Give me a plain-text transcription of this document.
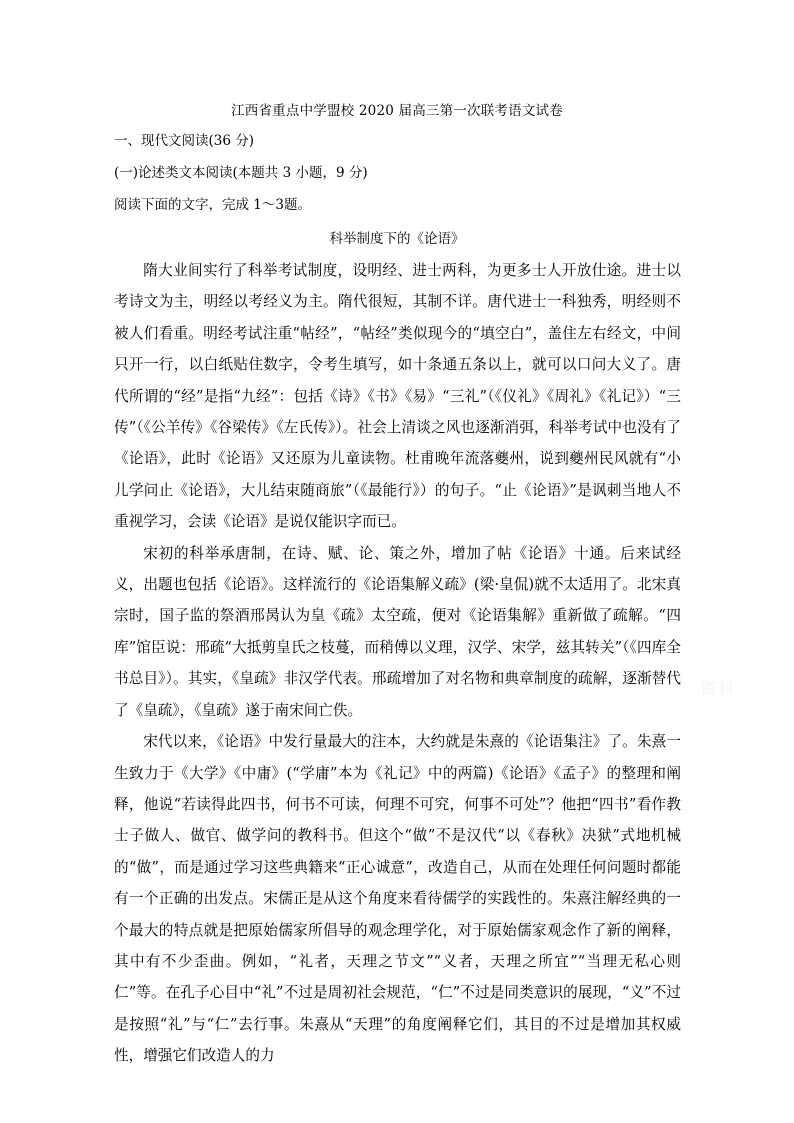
江西省重点中学盟校 2020 届高三第一次联考语文试卷
一、现代文阅读(36 分)
(一)论述类文本阅读(本题共 3 小题，9 分)
阅读下面的文字，完成 1～3题。
科举制度下的《论语》

隋大业间实行了科举考试制度，设明经、进士两科，为更多士人开放仕途。进士以考诗文为主，明经以考经义为主。隋代很短，其制不详。唐代进士一科独秀，明经则不被人们看重。明经考试注重“帖经”，“帖经”类似现今的“填空白”，盖住左右经文，中间只开一行，以白纸贴住数字，令考生填写，如十条通五条以上，就可以口问大义了。唐代所谓的“经”是指“九经”：包括《诗》《书》《易》“三礼”（《仪礼》《周礼》《礼记》）“三传”（《公羊传》《谷梁传》《左氏传》）。社会上清谈之风也逐渐消弭，科举考试中也没有了《论语》，此时《论语》又还原为儿童读物。杜甫晚年流落夔州，说到夔州民风就有“小儿学问止《论语》，大儿结束随商旅”（《最能行》）的句子。“止《论语》”是讽刺当地人不重视学习，会读《论语》是说仅能识字而已。

宋初的科举承唐制，在诗、赋、论、策之外，增加了帖《论语》十通。后来试经义，出题也包括《论语》。这样流行的《论语集解义疏》(梁·皇侃)就不太适用了。北宋真宗时，国子监的祭酒邢昺认为皇《疏》太空疏，便对《论语集解》重新做了疏解。“四库”馆臣说：邢疏“大抵剪皇氏之枝蔓，而稍傅以义理，汉学、宋学，兹其转关”（《四库全书总目》）。其实，《皇疏》非汉学代表。邢疏增加了对名物和典章制度的疏解，逐渐替代了《皇疏》，《皇疏》遂于南宋间亡佚。

宋代以来，《论语》中发行量最大的注本，大约就是朱熹的《论语集注》了。朱熹一生致力于《大学》《中庸》(“学庸”本为《礼记》中的两篇)《论语》《孟子》的整理和阐释，他说“若读得此四书，何书不可读，何理不可究，何事不可处”？他把“四书”看作教士子做人、做官、做学问的教科书。但这个“做”不是汉代“以《春秋》决狱”式地机械的“做”，而是通过学习这些典籍来“正心诚意”，改造自己，从而在处理任何问题时都能有一个正确的出发点。宋儒正是从这个角度来看待儒学的实践性的。朱熹注解经典的一个最大的特点就是把原始儒家所倡导的观念理学化，对于原始儒家观念作了新的阐释，其中有不少歪曲。例如，“礼者，天理之节文”“义者，天理之所宜”“当理无私心则仁”等。在孔子心目中“礼”不过是周初社会规范，“仁”不过是同类意识的展现，“义”不过是按照“礼”与“仁”去行事。朱熹从“天理”的角度阐释它们，其目的不过是增加其权威性，增强它们改造人的力

资料
